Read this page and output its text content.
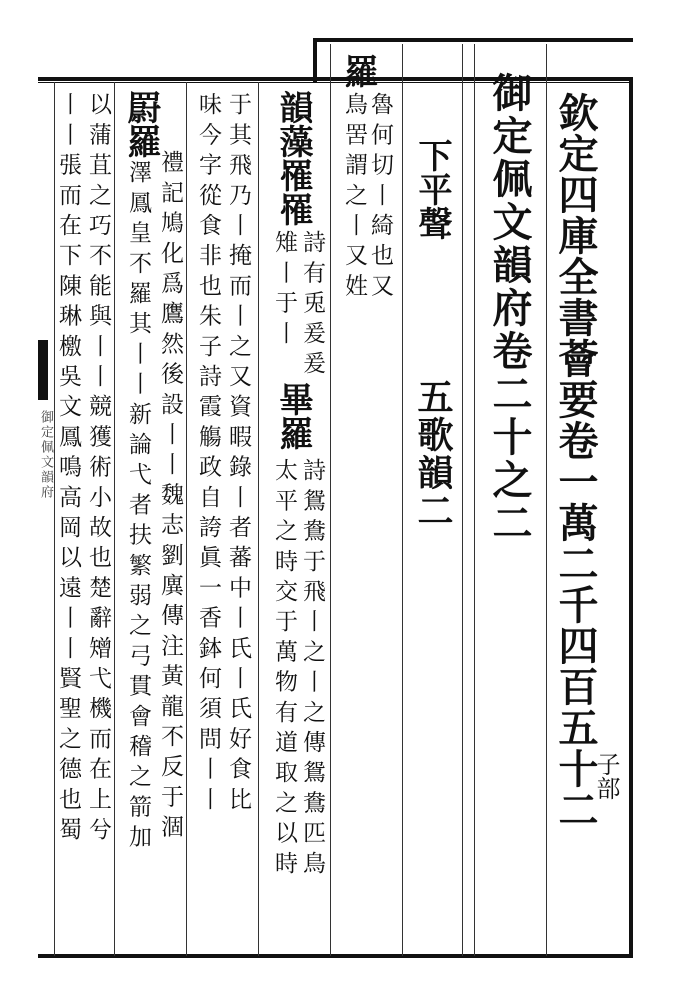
欽定四庫全書薈要卷一萬二千四百五十二
子部
御定佩文韻府卷二十之二
下平聲
五歌韻二
羅
鳥罟謂之丨又姓 魯何切丨綺也又
韻藻
罹罹
詩有兎爰爰
雉丨于丨
于其飛乃丨掩而丨之又資暇錄丨者蕃中丨氏丨氏好食比
味今字從食非也朱子詩霞觴政自誇眞一香鉢何須問丨丨 畢羅
詩鴛鴦于飛丨之丨之傳鴛鴦匹鳥
太平之時交于萬物有道取之以時
禮記鳩化爲鷹然後設丨丨魏志劉廙傳注黃龍不反于涸
罻羅
澤鳳皇不羅其丨丨新論弋者扶繁弱之弓貫會稽之箭加
以蒲苴之巧不能與丨丨競獲術小故也楚辭矰弋機而在上兮
丨丨張而在下陳琳檄吳文鳳鳴高岡以遠丨丨賢聖之德也蜀
御定佩文韻府
